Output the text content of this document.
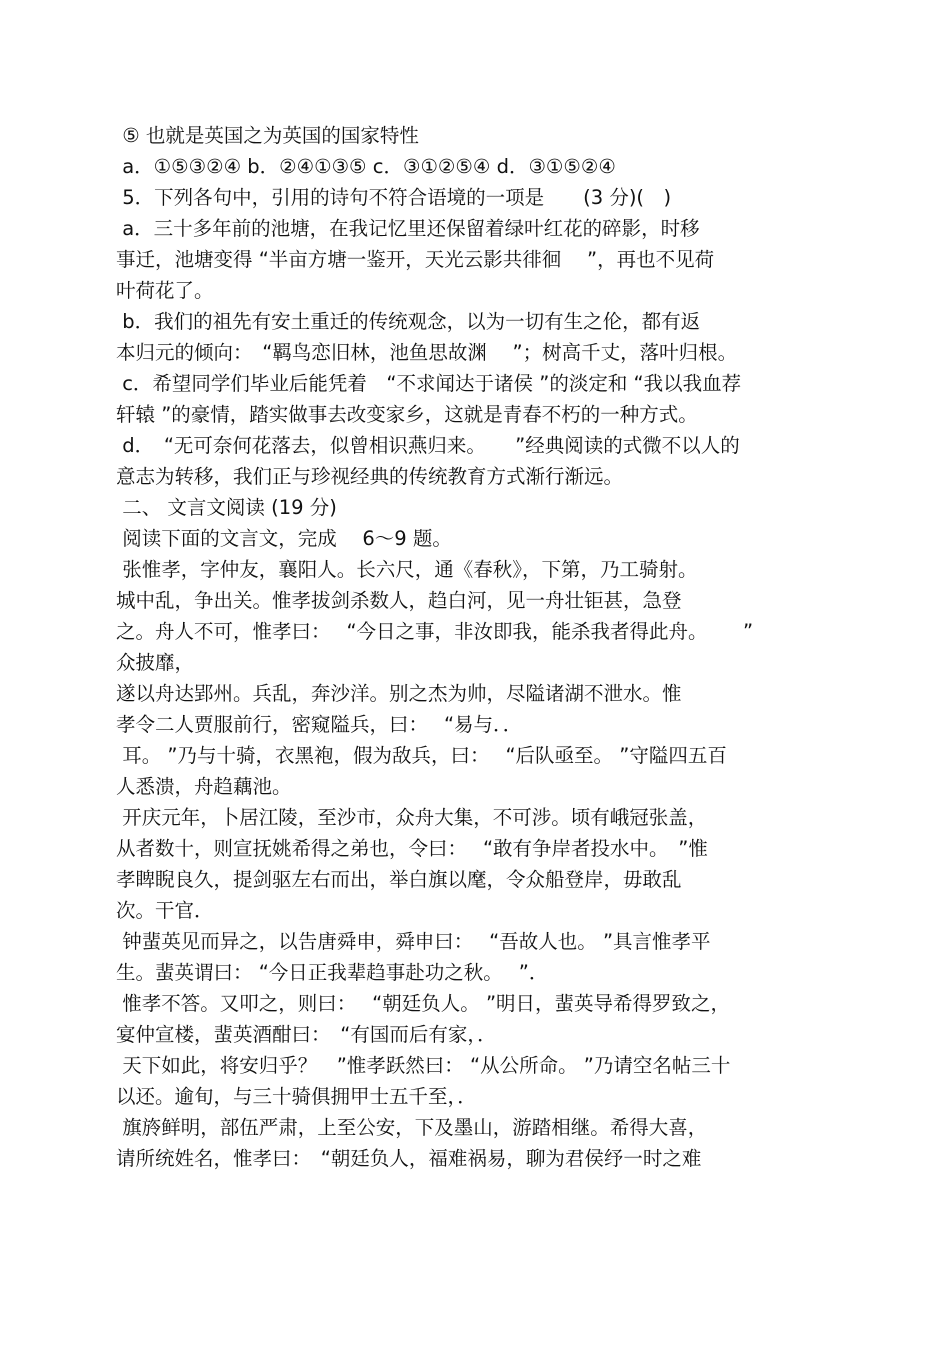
⑤ 也就是英国之为英国的国家特性
a．①⑤③②④ b．②④①③⑤ c．③①②⑤④ d．③①⑤②④
5．下列各句中，引用的诗句不符合语境的一项是　　(3 分)(　)
a．三十多年前的池塘，在我记忆里还保留着绿叶红花的碎影，时移
事迁，池塘变得 “半亩方塘一鉴开，天光云影共徘徊　 ”，再也不见荷
叶荷花了。
b．我们的祖先有安土重迁的传统观念，以为一切有生之伦，都有返
本归元的倾向：　“羁鸟恋旧林，池鱼思故渊　 ”；树高千丈，落叶归根。
c．希望同学们毕业后能凭着　“不求闻达于诸侯 ”的淡定和 “我以我血荐
轩辕 ”的豪情，踏实做事去改变家乡，这就是青春不朽的一种方式。
d．　“无可奈何花落去，似曾相识燕归来。　　”经典阅读的式微不以人的
意志为转移，我们正与珍视经典的传统教育方式渐行渐远。
二、 文言文阅读 (19 分)
阅读下面的文言文，完成　 6～9 题。
张惟孝，字仲友，襄阳人。长六尺，通《春秋》，下第，乃工骑射。
城中乱，争出关。惟孝拔剑杀数人，趋白河，见一舟壮钜甚，急登
之。舟人不可，惟孝曰：　 “今日之事，非汝即我，能杀我者得此舟。　　 ”
众披靡，
遂以舟达郢州。兵乱，奔沙洋。别之杰为帅，尽隘诸湖不泄水。惟
孝令二人贾服前行，密窥隘兵，曰：　 “易与．．
耳。 ”乃与十骑，衣黑袍，假为敌兵，曰：　 “后队亟至。 ”守隘四五百
人悉溃，舟趋藕池。
开庆元年，卜居江陵，至沙市，众舟大集，不可涉。顷有峨冠张盖，
从者数十，则宣抚姚希得之弟也，令曰：　 “敢有争岸者投水中。　”惟
孝睥睨良久，提剑驱左右而出，举白旗以麾，令众船登岸，毋敢乱
次。干官．
钟蜚英见而异之，以告唐舜申，舜申曰：　 “吾故人也。 ”具言惟孝平
生。蜚英谓曰： “今日正我辈趋事赴功之秋。　 ”．
惟孝不答。又叩之，则曰：　 “朝廷负人。 ”明日，蜚英导希得罗致之，
宴仲宣楼，蜚英酒酣曰：　“有国而后有家，．
天下如此，将安归乎？　”惟孝跃然曰： “从公所命。 ”乃请空名帖三十
以还。逾旬，与三十骑俱拥甲士五千至，．
旗旍鲜明，部伍严肃，上至公安，下及墨山，游踏相继。希得大喜，
请所统姓名，惟孝曰：　“朝廷负人，福难祸易，聊为君侯纾一时之难
